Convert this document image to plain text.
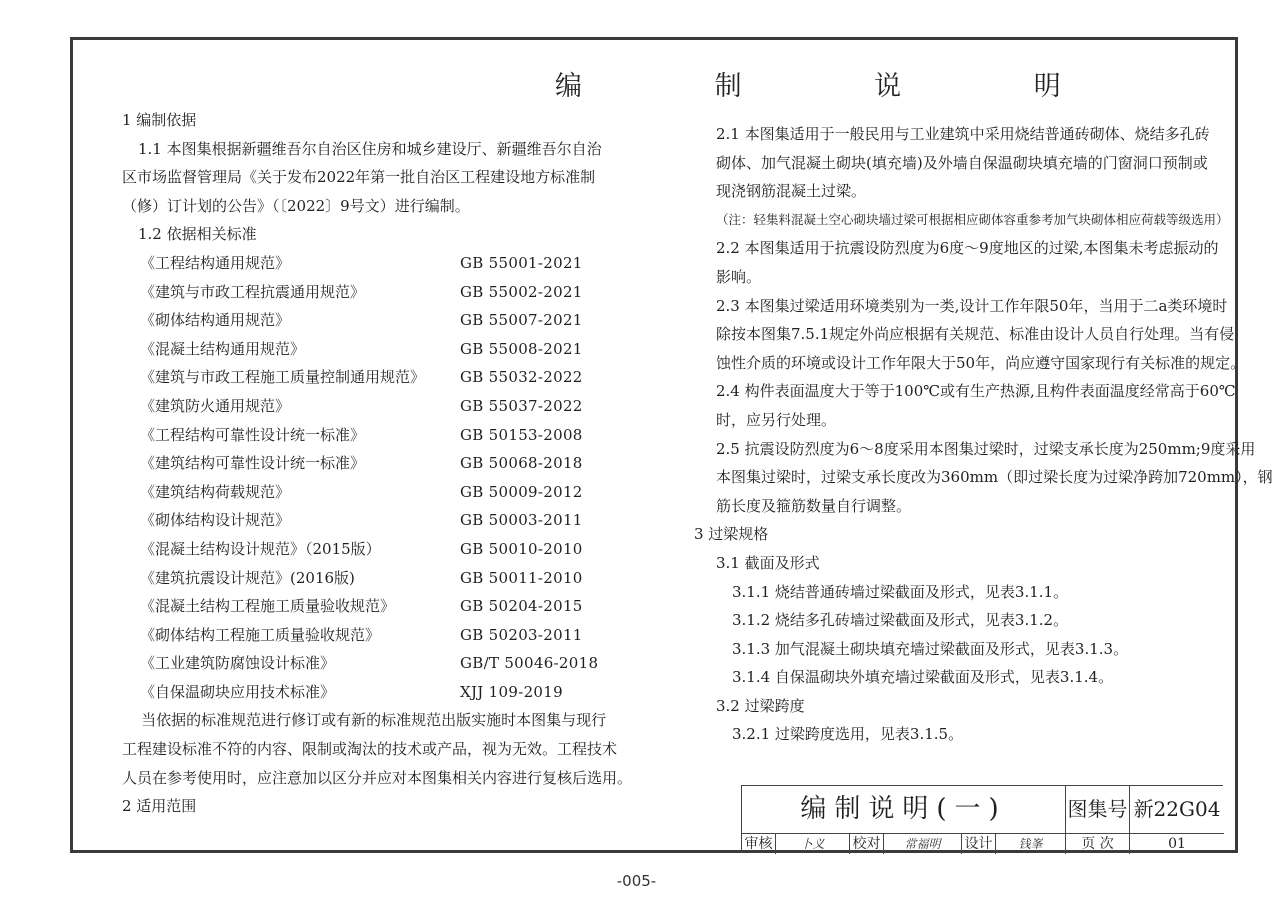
编 制 说 明
1 编制依据
1.1 本图集根据新疆维吾尔自治区住房和城乡建设厅、新疆维吾尔自治
区市场监督管理局《关于发布2022年第一批自治区工程建设地方标准制
（修）订计划的公告》（〔2022〕9号文）进行编制。
1.2 依据相关标准
《工程结构通用规范》	GB 55001-2021
《建筑与市政工程抗震通用规范》	GB 55002-2021
《砌体结构通用规范》	GB 55007-2021
《混凝土结构通用规范》	GB 55008-2021
《建筑与市政工程施工质量控制通用规范》 GB 55032-2022
《建筑防火通用规范》	GB 55037-2022
《工程结构可靠性设计统一标准》	GB 50153-2008
《建筑结构可靠性设计统一标准》	GB 50068-2018
《建筑结构荷载规范》	GB 50009-2012
《砌体结构设计规范》	GB 50003-2011
《混凝土结构设计规范》（2015版）	GB 50010-2010
《建筑抗震设计规范》(2016版)	GB 50011-2010
《混凝土结构工程施工质量验收规范》	GB 50204-2015
《砌体结构工程施工质量验收规范》	GB 50203-2011
《工业建筑防腐蚀设计标准》	GB/T 50046-2018
《自保温砌块应用技术标准》	XJJ 109-2019
当依据的标准规范进行修订或有新的标准规范出版实施时本图集与现行
工程建设标准不符的内容、限制或淘汰的技术或产品，视为无效。工程技术
人员在参考使用时，应注意加以区分并应对本图集相关内容进行复核后选用。
2 适用范围
2.1 本图集适用于一般民用与工业建筑中采用烧结普通砖砌体、烧结多孔砖
砌体、加气混凝土砌块(填充墙)及外墙自保温砌块填充墙的门窗洞口预制或
现浇钢筋混凝土过梁。
（注：轻集料混凝土空心砌块墙过梁可根据相应砌体容重参考加气块砌体相应荷载等级选用）
2.2 本图集适用于抗震设防烈度为6度～9度地区的过梁,本图集未考虑振动的
影响。
2.3 本图集过梁适用环境类别为一类,设计工作年限50年，当用于二a类环境时
除按本图集7.5.1规定外尚应根据有关规范、标准由设计人员自行处理。当有侵
蚀性介质的环境或设计工作年限大于50年，尚应遵守国家现行有关标准的规定。
2.4 构件表面温度大于等于100℃或有生产热源,且构件表面温度经常高于60℃
时，应另行处理。
2.5 抗震设防烈度为6～8度采用本图集过梁时，过梁支承长度为250mm;9度采用
本图集过梁时，过梁支承长度改为360mm（即过梁长度为过梁净跨加720mm），钢
筋长度及箍筋数量自行调整。
3 过梁规格
3.1 截面及形式
3.1.1 烧结普通砖墙过梁截面及形式，见表3.1.1。
3.1.2 烧结多孔砖墙过梁截面及形式，见表3.1.2。
3.1.3 加气混凝土砌块填充墙过梁截面及形式，见表3.1.3。
3.1.4 自保温砌块外填充墙过梁截面及形式，见表3.1.4。
3.2 过梁跨度
3.2.1 过梁跨度选用，见表3.1.5。
编制说明(一)	图集号 新22G04
审核	卜义	校对	常福明	设计	钱峯	页 次	01
-005-
